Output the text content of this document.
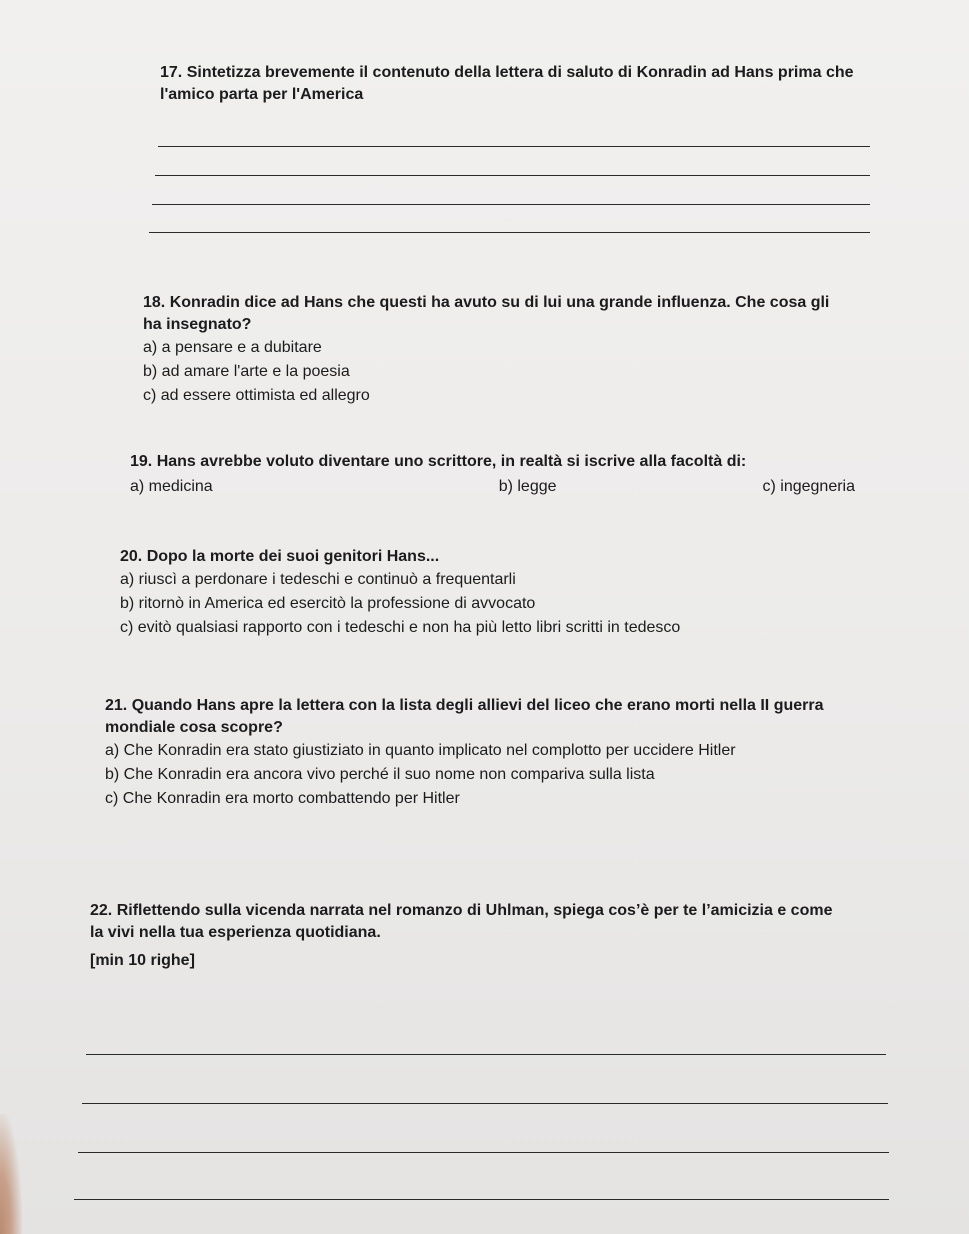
17. Sintetizza brevemente il contenuto della lettera di saluto di Konradin ad Hans prima che l'amico parta per l'America

18. Konradin dice ad Hans che questi ha avuto su di lui una grande influenza. Che cosa gli ha insegnato?

a) a pensare e a dubitare

b) ad amare l'arte e la poesia

c) ad essere ottimista ed allegro

19. Hans avrebbe voluto diventare uno scrittore, in realtà si iscrive alla facoltà di:

a) medicina	b) legge	c) ingegneria

20. Dopo la morte dei suoi genitori Hans...

a) riuscì a perdonare i tedeschi e continuò a frequentarli

b) ritornò in America ed esercitò la professione di avvocato

c) evitò qualsiasi rapporto con i tedeschi e non ha più letto libri scritti in tedesco

21. Quando Hans apre la lettera con la lista degli allievi del liceo che erano morti nella II guerra mondiale cosa scopre?

a) Che Konradin era stato giustiziato in quanto implicato nel complotto per uccidere Hitler

b) Che Konradin era ancora vivo perché il suo nome non compariva sulla lista

c) Che Konradin era morto combattendo per Hitler

22. Riflettendo sulla vicenda narrata nel romanzo di Uhlman, spiega cos’è per te l’amicizia e come la vivi nella tua esperienza quotidiana.

[min 10 righe]
